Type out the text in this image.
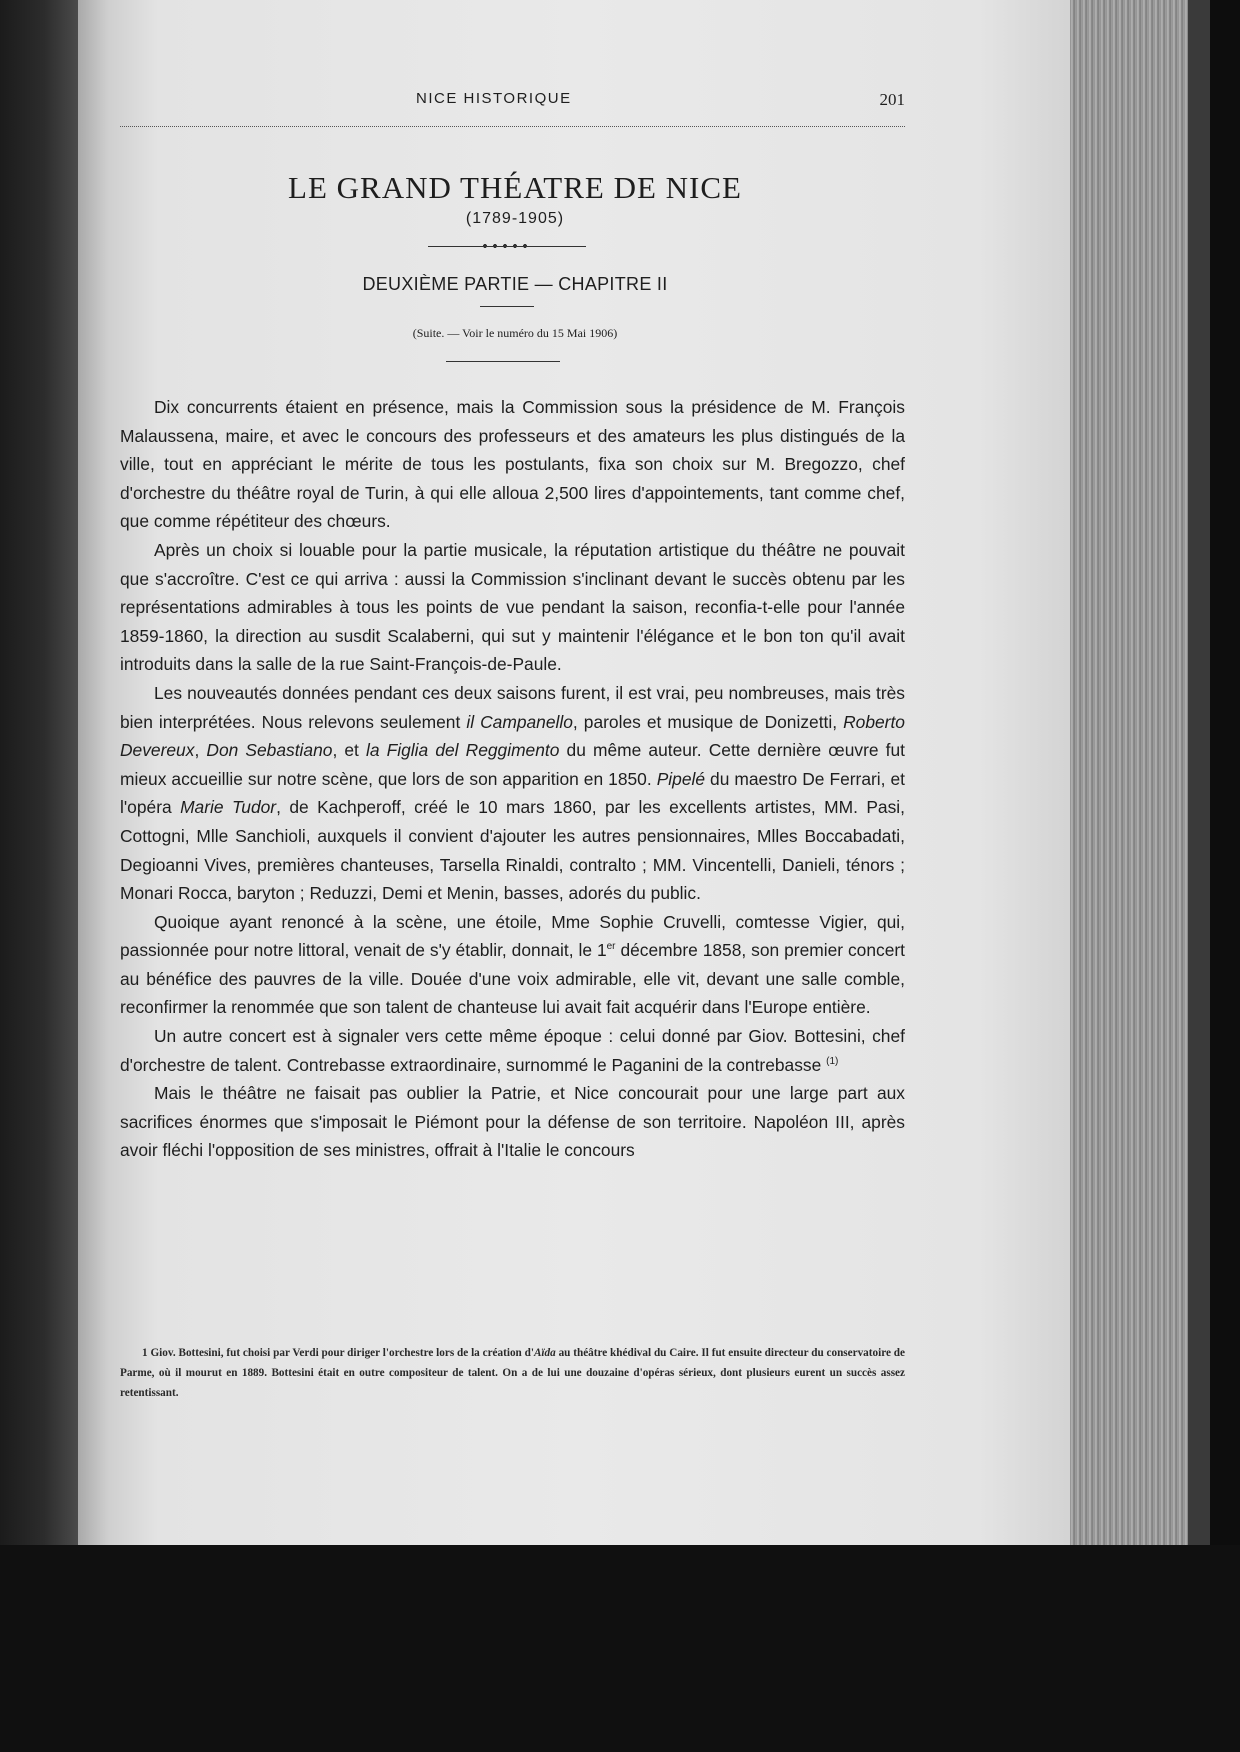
NICE HISTORIQUE	201
LE GRAND THÉATRE DE NICE
(1789-1905)
DEUXIÈME PARTIE — CHAPITRE II
(Suite. — Voir le numéro du 15 Mai 1906)

Dix concurrents étaient en présence, mais la Commission sous la présidence de M. François Malaussena, maire, et avec le concours des professeurs et des amateurs les plus distingués de la ville, tout en appréciant le mérite de tous les postulants, fixa son choix sur M. Bregozzo, chef d'orchestre du théâtre royal de Turin, à qui elle alloua 2,500 lires d'appointements, tant comme chef, que comme répétiteur des chœurs.

Après un choix si louable pour la partie musicale, la réputation artistique du théâtre ne pouvait que s'accroître. C'est ce qui arriva : aussi la Commission s'inclinant devant le succès obtenu par les représentations admirables à tous les points de vue pendant la saison, reconfia-t-elle pour l'année 1859-1860, la direction au susdit Scalaberni, qui sut y maintenir l'élégance et le bon ton qu'il avait introduits dans la salle de la rue Saint-François-de-Paule.

Les nouveautés données pendant ces deux saisons furent, il est vrai, peu nombreuses, mais très bien interprétées. Nous relevons seulement il Campanello, paroles et musique de Donizetti, Roberto Devereux, Don Sebastiano, et la Figlia del Reggimento du même auteur. Cette dernière œuvre fut mieux accueillie sur notre scène, que lors de son apparition en 1850. Pipelé du maestro De Ferrari, et l'opéra Marie Tudor, de Kachperoff, créé le 10 mars 1860, par les excellents artistes, MM. Pasi, Cottogni, Mlle Sanchioli, auxquels il convient d'ajouter les autres pensionnaires, Mlles Boccabadati, Degioanni Vives, premières chanteuses, Tarsella Rinaldi, contralto ; MM. Vincentelli, Danieli, ténors ; Monari Rocca, baryton ; Reduzzi, Demi et Menin, basses, adorés du public.

Quoique ayant renoncé à la scène, une étoile, Mme Sophie Cruvelli, comtesse Vigier, qui, passionnée pour notre littoral, venait de s'y établir, donnait, le 1er décembre 1858, son premier concert au bénéfice des pauvres de la ville. Douée d'une voix admirable, elle vit, devant une salle comble, reconfirmer la renommée que son talent de chanteuse lui avait fait acquérir dans l'Europe entière.

Un autre concert est à signaler vers cette même époque : celui donné par Giov. Bottesini, chef d'orchestre de talent. Contrebasse extraordinaire, surnommé le Paganini de la contrebasse $^{(1)}$

Mais le théâtre ne faisait pas oublier la Patrie, et Nice concourait pour une large part aux sacrifices énormes que s'imposait le Piémont pour la défense de son territoire. Napoléon III, après avoir fléchi l'opposition de ses ministres, offrait à l'Italie le concours

1 Giov. Bottesini, fut choisi par Verdi pour diriger l'orchestre lors de la création d'Aïda au théâtre khédival du Caire. Il fut ensuite directeur du conservatoire de Parme, où il mourut en 1889. Bottesini était en outre compositeur de talent. On a de lui une douzaine d'opéras sérieux, dont plusieurs eurent un succès assez retentissant.
